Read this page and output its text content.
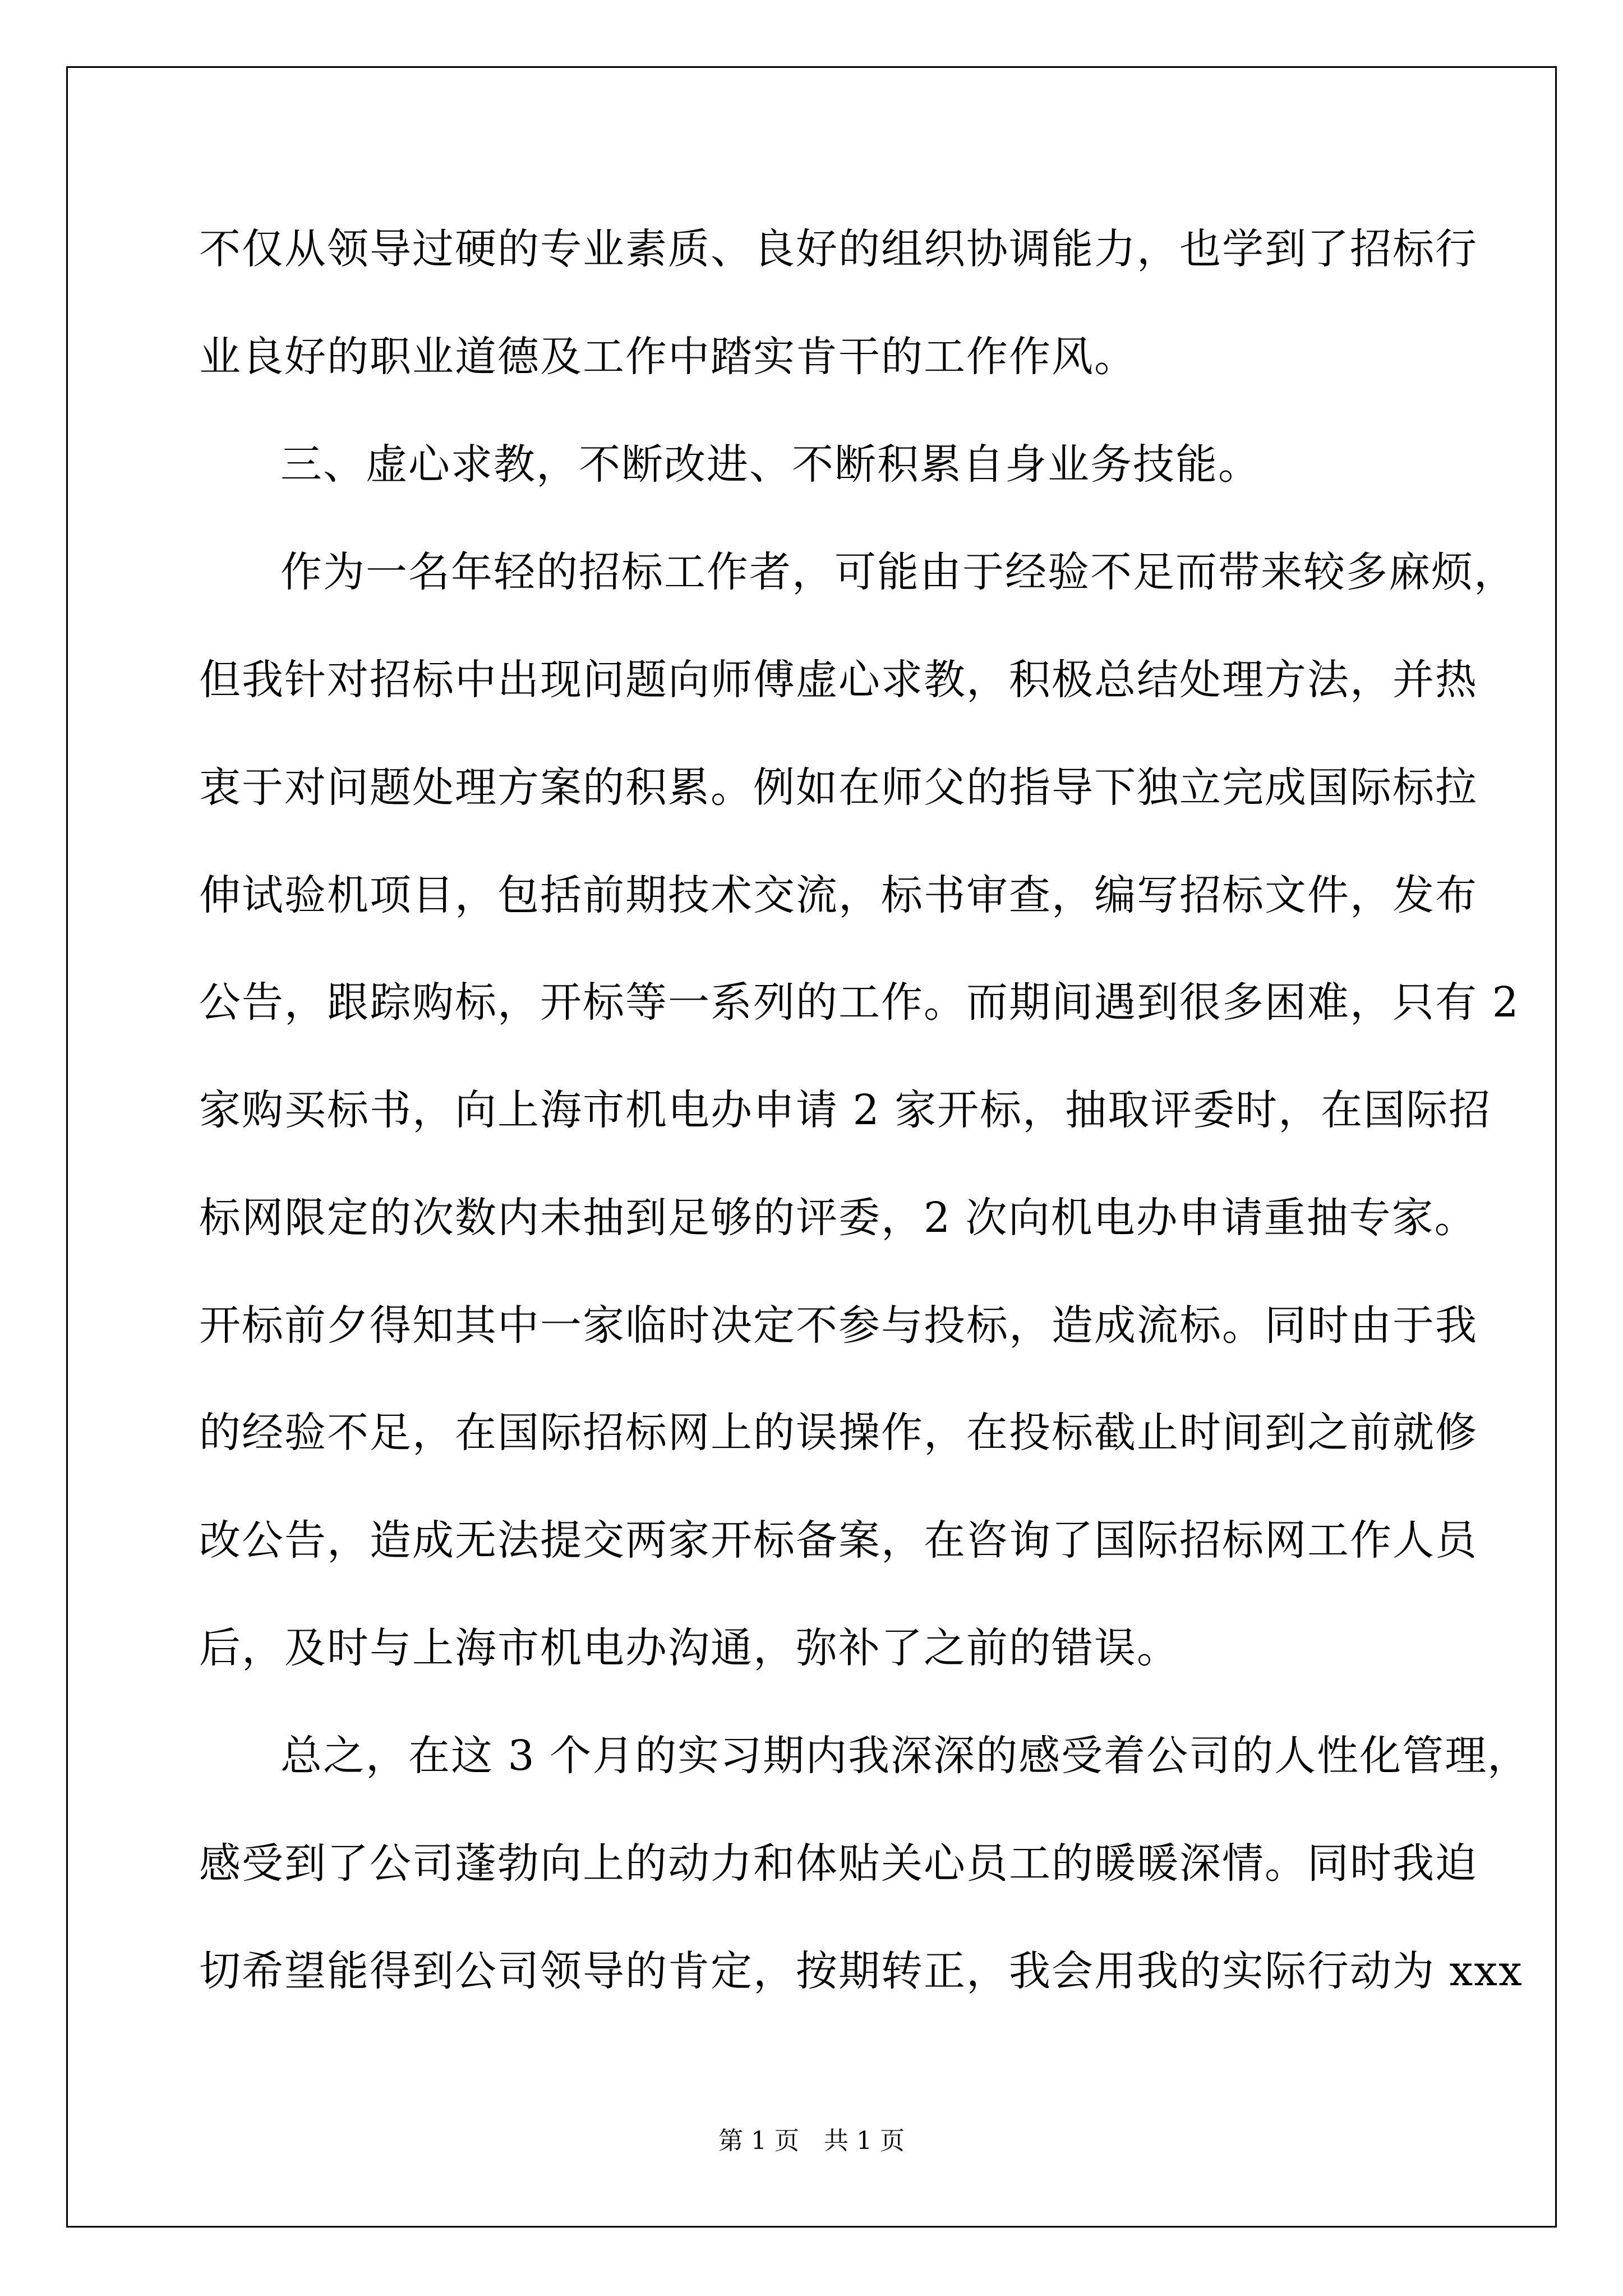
不仅从领导过硬的专业素质、良好的组织协调能力，也学到了招标行
业良好的职业道德及工作中踏实肯干的工作作风。
三、虚心求教，不断改进、不断积累自身业务技能。
作为一名年轻的招标工作者，可能由于经验不足而带来较多麻烦，
但我针对招标中出现问题向师傅虚心求教，积极总结处理方法，并热
衷于对问题处理方案的积累。例如在师父的指导下独立完成国际标拉
伸试验机项目，包括前期技术交流，标书审查，编写招标文件，发布
公告，跟踪购标，开标等一系列的工作。而期间遇到很多困难，只有 2
家购买标书，向上海市机电办申请 2 家开标，抽取评委时，在国际招
标网限定的次数内未抽到足够的评委，2 次向机电办申请重抽专家。
开标前夕得知其中一家临时决定不参与投标，造成流标。同时由于我
的经验不足，在国际招标网上的误操作，在投标截止时间到之前就修
改公告，造成无法提交两家开标备案，在咨询了国际招标网工作人员
后，及时与上海市机电办沟通，弥补了之前的错误。
总之，在这 3 个月的实习期内我深深的感受着公司的人性化管理，
感受到了公司蓬勃向上的动力和体贴关心员工的暖暖深情。同时我迫
切希望能得到公司领导的肯定，按期转正，我会用我的实际行动为 xxx
第 1 页　共 1 页
